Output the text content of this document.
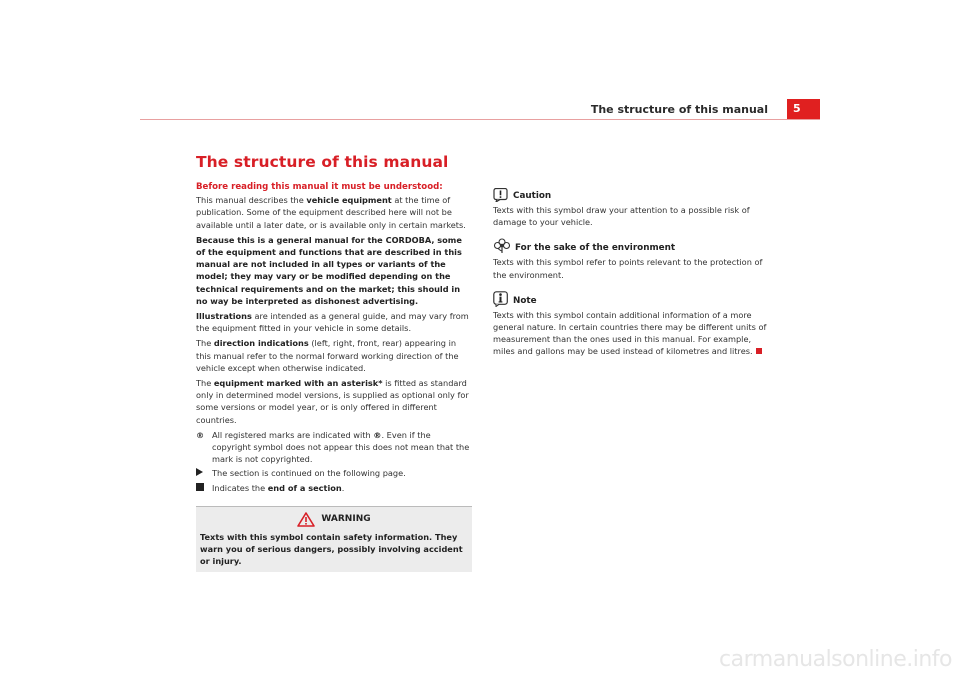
The structure of this manual	5
The structure of this manual
Before reading this manual it must be understood:

This manual describes the vehicle equipment at the time of publication. Some of the equipment described here will not be available until a later date, or is available only in certain markets.

Because this is a general manual for the CORDOBA, some of the equipment and functions that are described in this manual are not included in all types or variants of the model; they may vary or be modified depending on the technical requirements and on the market; this should in no way be interpreted as dishonest advertising.

Illustrations are intended as a general guide, and may vary from the equipment fitted in your vehicle in some details.

The direction indications (left, right, front, rear) appearing in this manual refer to the normal forward working direction of the vehicle except when otherwise indicated.

The equipment marked with an asterisk* is fitted as standard only in determined model versions, is supplied as optional only for some versions or model year, or is only offered in different countries.

® All registered marks are indicated with ®. Even if the copyright symbol does not appear this does not mean that the mark is not copyrighted.
The section is continued on the following page.
Indicates the end of a section.
WARNING
Texts with this symbol contain safety information. They warn you of serious dangers, possibly involving accident or injury.
Caution
Texts with this symbol draw your attention to a possible risk of damage to your vehicle.
For the sake of the environment
Texts with this symbol refer to points relevant to the protection of the environment.
Note
Texts with this symbol contain additional information of a more general nature. In certain countries there may be different units of measurement than the ones used in this manual. For example, miles and gallons may be used instead of kilometres and litres.
carmanualsonline.info
